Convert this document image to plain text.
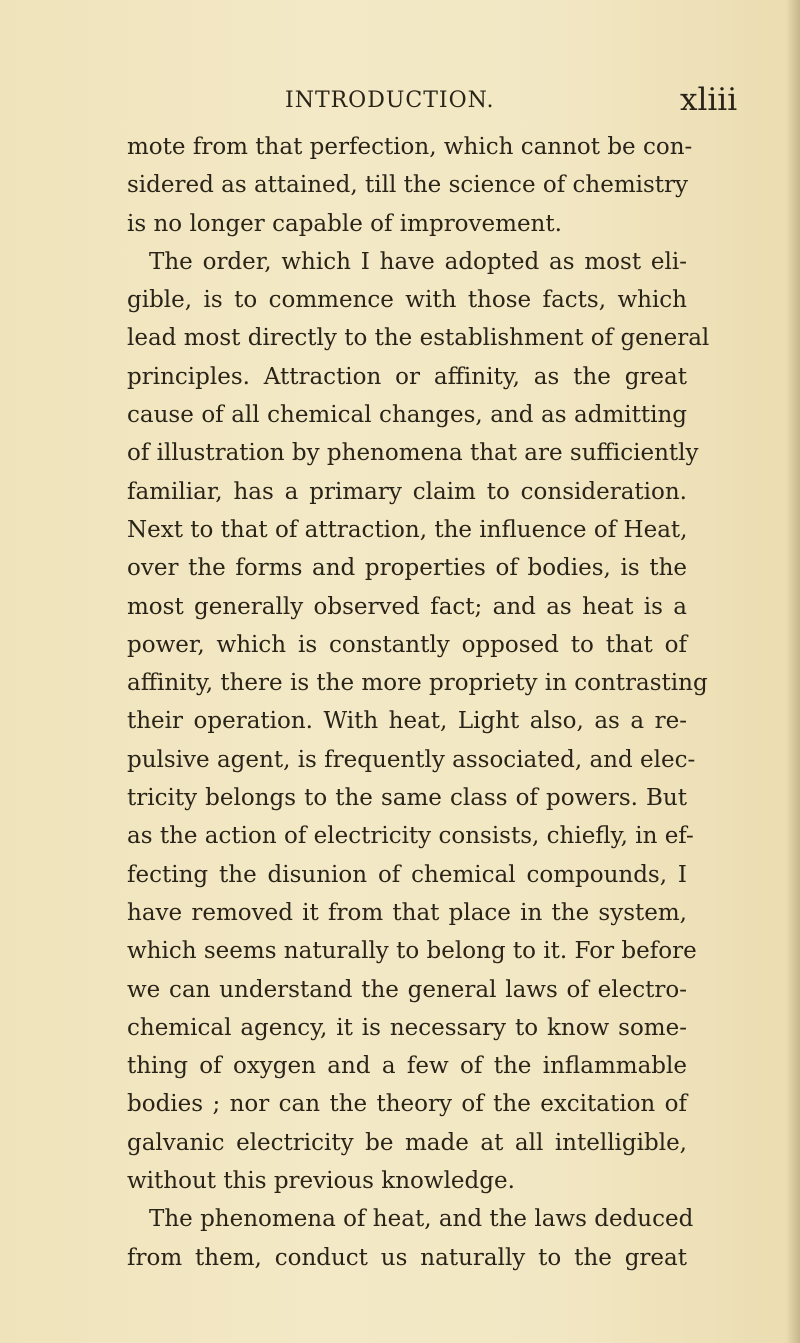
INTRODUCTION.	xliii
mote from that perfection, which cannot be con-
sidered as attained, till the science of chemistry
is no longer capable of improvement.
The order, which I have adopted as most eli-
gible, is to commence with those facts, which
lead most directly to the establishment of general
principles. Attraction or affinity, as the great
cause of all chemical changes, and as admitting
of illustration by phenomena that are sufficiently
familiar, has a primary claim to consideration.
Next to that of attraction, the influence of Heat,
over the forms and properties of bodies, is the
most generally observed fact; and as heat is a
power, which is constantly opposed to that of
affinity, there is the more propriety in contrasting
their operation. With heat, Light also, as a re-
pulsive agent, is frequently associated, and elec-
tricity belongs to the same class of powers. But
as the action of electricity consists, chiefly, in ef-
fecting the disunion of chemical compounds, I
have removed it from that place in the system,
which seems naturally to belong to it. For before
we can understand the general laws of electro-
chemical agency, it is necessary to know some-
thing of oxygen and a few of the inflammable
bodies ; nor can the theory of the excitation of
galvanic electricity be made at all intelligible,
without this previous knowledge.
The phenomena of heat, and the laws deduced
from them, conduct us naturally to the great
